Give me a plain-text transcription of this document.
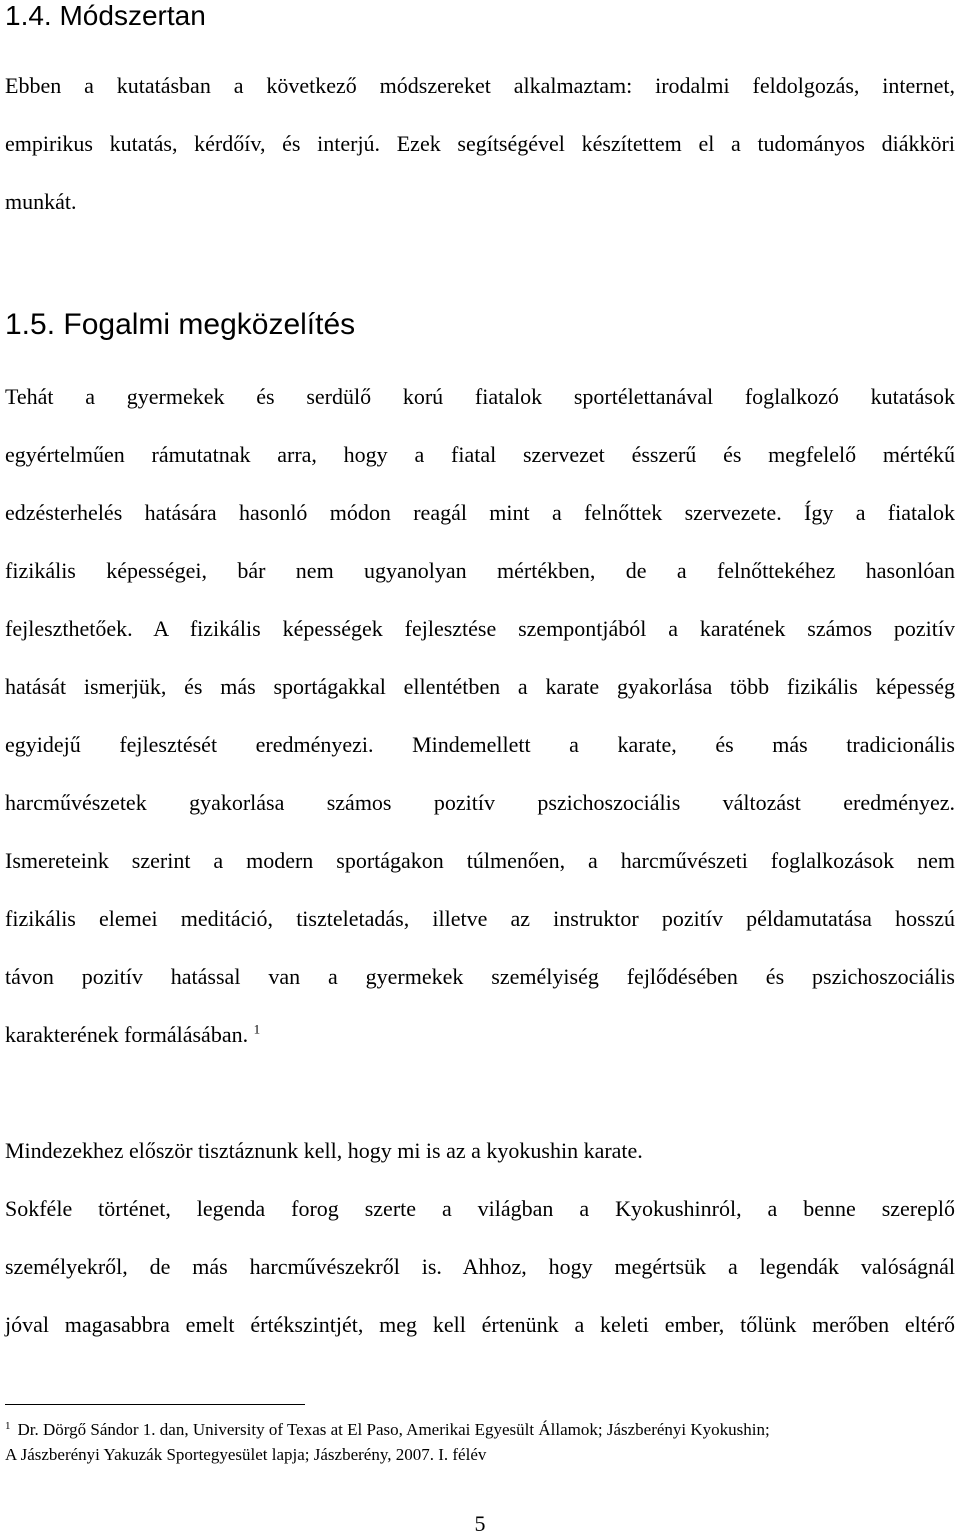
1.4. Módszertan
Ebben a kutatásban a következő módszereket alkalmaztam: irodalmi feldolgozás, internet,
empirikus kutatás, kérdőív, és interjú. Ezek segítségével készítettem el a tudományos diákköri
munkát.
1.5. Fogalmi megközelítés
Tehát a gyermekek és serdülő korú fiatalok sportélettanával foglalkozó kutatások
egyértelműen rámutatnak arra, hogy a fiatal szervezet ésszerű és megfelelő mértékű
edzésterhelés hatására hasonló módon reagál mint a felnőttek szervezete. Így a fiatalok
fizikális képességei, bár nem ugyanolyan mértékben, de a felnőttekéhez hasonlóan
fejleszthetőek. A fizikális képességek fejlesztése szempontjából a karatének számos pozitív
hatását ismerjük, és más sportágakkal ellentétben a karate gyakorlása több fizikális képesség
egyidejű fejlesztését eredményezi. Mindemellett a karate, és más tradicionális
harcművészetek gyakorlása számos pozitív pszichoszociális változást eredményez.
Ismereteink szerint a modern sportágakon túlmenően, a harcművészeti foglalkozások nem
fizikális elemei meditáció, tiszteletadás, illetve az instruktor pozitív példamutatása hosszú
távon pozitív hatással van a gyermekek személyiség fejlődésében és pszichoszociális
karakterének formálásában. $^1$
Mindezekhez először tisztáznunk kell, hogy mi is az a kyokushin karate.
Sokféle történet, legenda forog szerte a világban a Kyokushinról, a benne szereplő
személyekről, de más harcművészekről is. Ahhoz, hogy megértsük a legendák valóságnál
jóval magasabbra emelt értékszintjét, meg kell értenünk a keleti ember, tőlünk merőben eltérő
$^1$ Dr. Dörgő Sándor 1. dan, University of Texas at El Paso, Amerikai Egyesült Államok; Jászberényi Kyokushin;
A Jászberényi Yakuzák Sportegyesület lapja; Jászberény, 2007. I. félév
5
